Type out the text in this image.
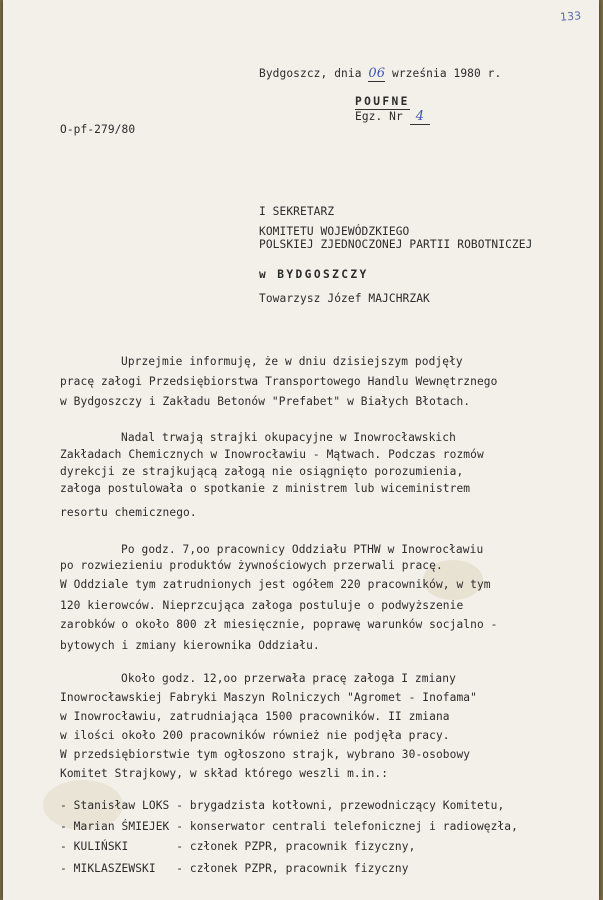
133
Bydgoszcz, dnia 06 września 1980 r.
POUFNE
Egz. Nr 4
O-pf-279/80
I SEKRETARZ
KOMITETU WOJEWÓDZKIEGO
POLSKIEJ ZJEDNOCZONEJ PARTII ROBOTNICZEJ
w BYDGOSZCZY
Towarzysz Józef MAJCHRZAK
Uprzejmie informuję, że w dniu dzisiejszym podjęły
pracę załogi Przedsiębiorstwa Transportowego Handlu Wewnętrznego
w Bydgoszczy i Zakładu Betonów "Prefabet" w Białych Błotach.
Nadal trwają strajki okupacyjne w Inowrocławskich
Zakładach Chemicznych w Inowrocławiu - Mątwach. Podczas rozmów
dyrekcji ze strajkującą załogą nie osiągnięto porozumienia,
załoga postulowała o spotkanie z ministrem lub wiceministrem
resortu chemicznego.
Po godz. 7,oo pracownicy Oddziału PTHW w Inowrocławiu
po rozwiezieniu produktów żywnościowych przerwali pracę.
W Oddziale tym zatrudnionych jest ogółem 220 pracowników, w tym
120 kierowców. Nieprzcująca załoga postuluje o podwyższenie
zarobków o około 800 zł miesięcznie, poprawę warunków socjalno -
bytowych i zmiany kierownika Oddziału.
Około godz. 12,oo przerwała pracę załoga I zmiany
Inowrocławskiej Fabryki Maszyn Rolniczych "Agromet - Inofama"
w Inowrocławiu, zatrudniająca 1500 pracowników. II zmiana
w ilości około 200 pracowników również nie podjęła pracy.
W przedsiębiorstwie tym ogłoszono strajk, wybrano 30-osobowy
Komitet Strajkowy, w skład którego weszli m.in.:
- Stanisław LOKS - brygadzista kotłowni, przewodniczący Komitetu,
- Marian ŚMIEJEK - konserwator centrali telefonicznej i radiowęzła,
- KULIŃSKI       - członek PZPR, pracownik fizyczny,
- MIKLASZEWSKI   - członek PZPR, pracownik fizyczny
